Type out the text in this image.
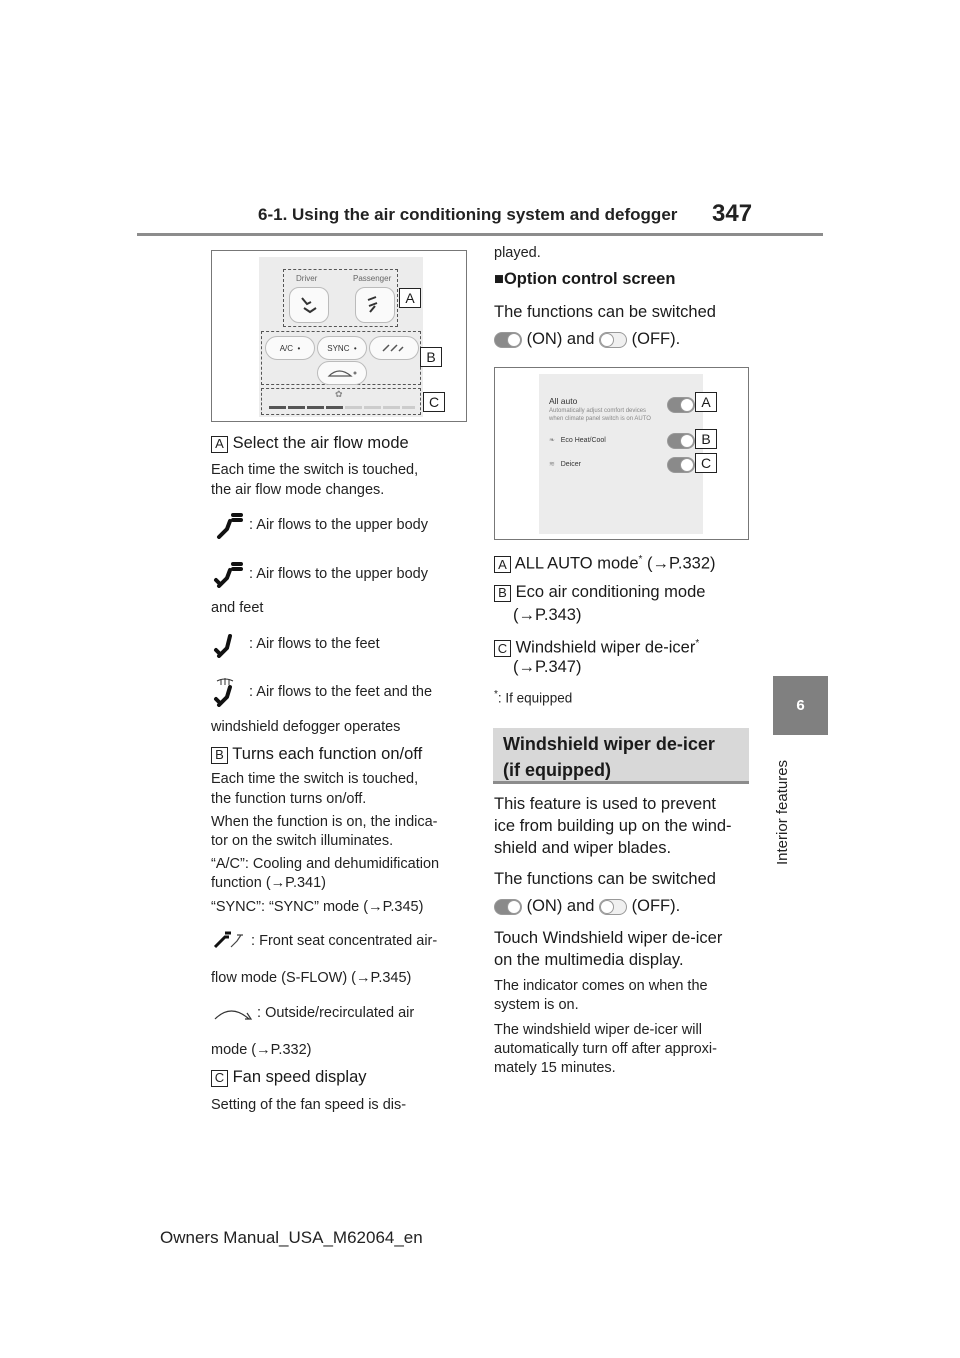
6-1. Using the air conditioning system and defogger 347
6
Interior features
Driver	Passenger
A/C •	SYNC •
✿
A
B
C
A Select the air flow mode
Each time the switch is touched,
the air flow mode changes.
: Air flows to the upper body
: Air flows to the upper body
and feet
: Air flows to the feet
: Air flows to the feet and the
windshield defogger operates
B Turns each function on/off
Each time the switch is touched,
the function turns on/off.
When the function is on, the indica-
tor on the switch illuminates.
“A/C”: Cooling and dehumidification
function (→P.341)
“SYNC”: “SYNC” mode (→P.345)
: Front seat concentrated air-
flow mode (S-FLOW) (→P.345)
: Outside/recirculated air
mode (→P.332)
C Fan speed display
Setting of the fan speed is dis-
played.
■Option control screen
The functions can be switched
(ON) and (OFF).
All auto
Automatically adjust comfort devices
when climate panel switch is on AUTO
❧ Eco Heat/Cool
≋ Deicer
A
B
C
A ALL AUTO mode* (→P.332)
B Eco air conditioning mode
(→P.343)
C Windshield wiper de-icer*
(→P.347)
*: If equipped
Windshield wiper de-icer
(if equipped)
This feature is used to prevent
ice from building up on the wind-
shield and wiper blades.
The functions can be switched
(ON) and (OFF).
Touch Windshield wiper de-icer
on the multimedia display.
The indicator comes on when the
system is on.
The windshield wiper de-icer will
automatically turn off after approxi-
mately 15 minutes.
Owners Manual_USA_M62064_en
